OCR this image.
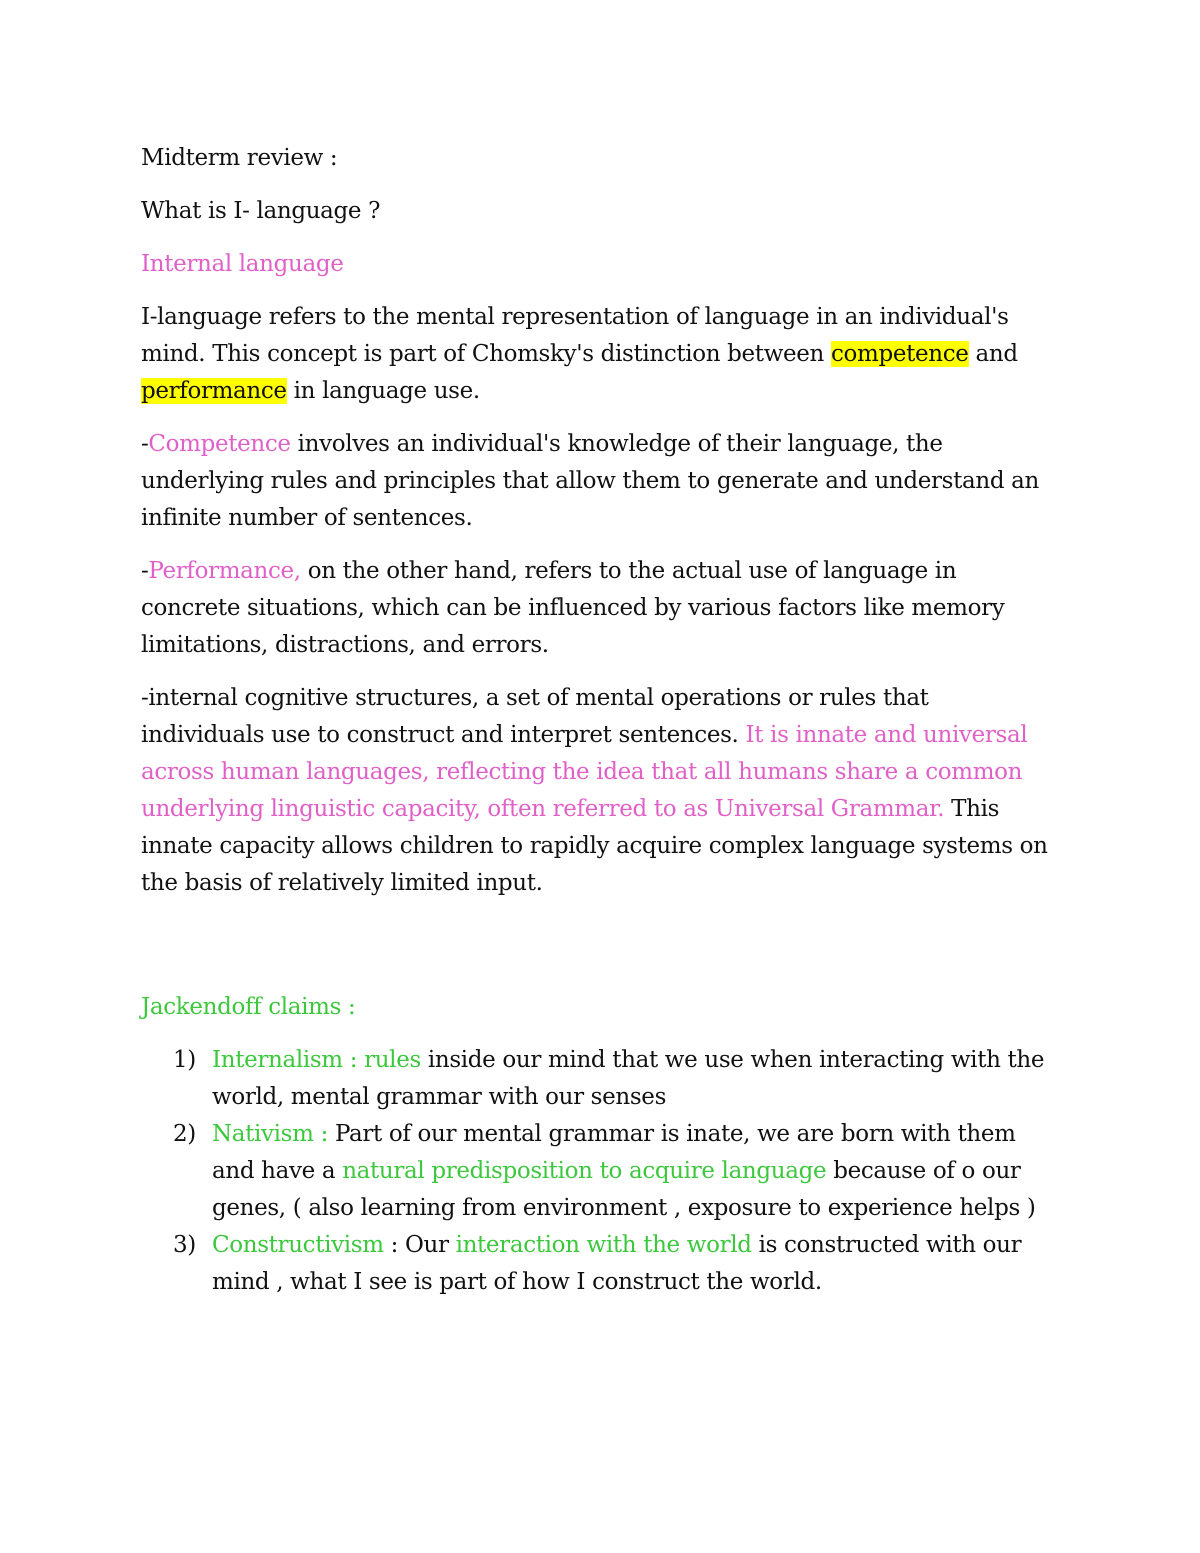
Midterm review :

What is I- language ?

Internal language

I-language refers to the mental representation of language in an individual's mind. This concept is part of Chomsky's distinction between competence and performance in language use.

-Competence involves an individual's knowledge of their language, the underlying rules and principles that allow them to generate and understand an infinite number of sentences.

-Performance, on the other hand, refers to the actual use of language in concrete situations, which can be influenced by various factors like memory limitations, distractions, and errors.

-internal cognitive structures, a set of mental operations or rules that individuals use to construct and interpret sentences. It is innate and universal across human languages, reflecting the idea that all humans share a common underlying linguistic capacity, often referred to as Universal Grammar. This innate capacity allows children to rapidly acquire complex language systems on the basis of relatively limited input.

Jackendoff claims :

1) Internalism : rules inside our mind that we use when interacting with the world, mental grammar with our senses
2) Nativism : Part of our mental grammar is inate, we are born with them and have a natural predisposition to acquire language because of o our genes, ( also learning from environment , exposure to experience helps )
3) Constructivism : Our interaction with the world is constructed with our mind , what I see is part of how I construct the world.
